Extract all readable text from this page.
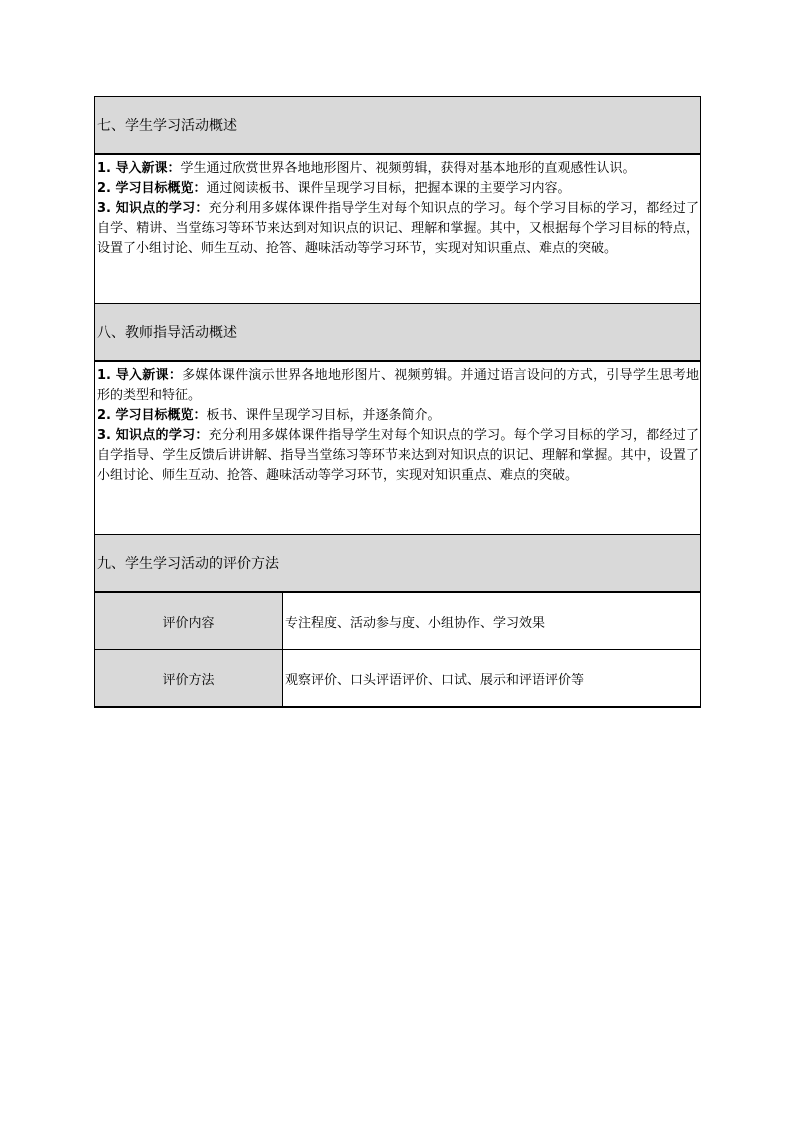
七、学生学习活动概述	

1. 导入新课：学生通过欣赏世界各地地形图片、视频剪辑，获得对基本地形的直观感性认识。

2. 学习目标概览：通过阅读板书、课件呈现学习目标，把握本课的主要学习内容。

3. 知识点的学习：充分利用多媒体课件指导学生对每个知识点的学习。每个学习目标的学习，都经过了自学、精讲、当堂练习等环节来达到对知识点的识记、理解和掌握。其中，又根据每个学习目标的特点，设置了小组讨论、师生互动、抢答、趣味活动等学习环节，实现对知识重点、难点的突破。	

八、教师指导活动概述	

1. 导入新课：多媒体课件演示世界各地地形图片、视频剪辑。并通过语言设问的方式，引导学生思考地形的类型和特征。

2. 学习目标概览：板书、课件呈现学习目标，并逐条简介。

3. 知识点的学习：充分利用多媒体课件指导学生对每个知识点的学习。每个学习目标的学习，都经过了自学指导、学生反馈后讲讲解、指导当堂练习等环节来达到对知识点的识记、理解和掌握。其中，设置了小组讨论、师生互动、抢答、趣味活动等学习环节，实现对知识重点、难点的突破。	

九、学生学习活动的评价方法	
评价内容	专注程度、活动参与度、小组协作、学习效果
评价方法	观察评价、口头评语评价、口试、展示和评语评价等
